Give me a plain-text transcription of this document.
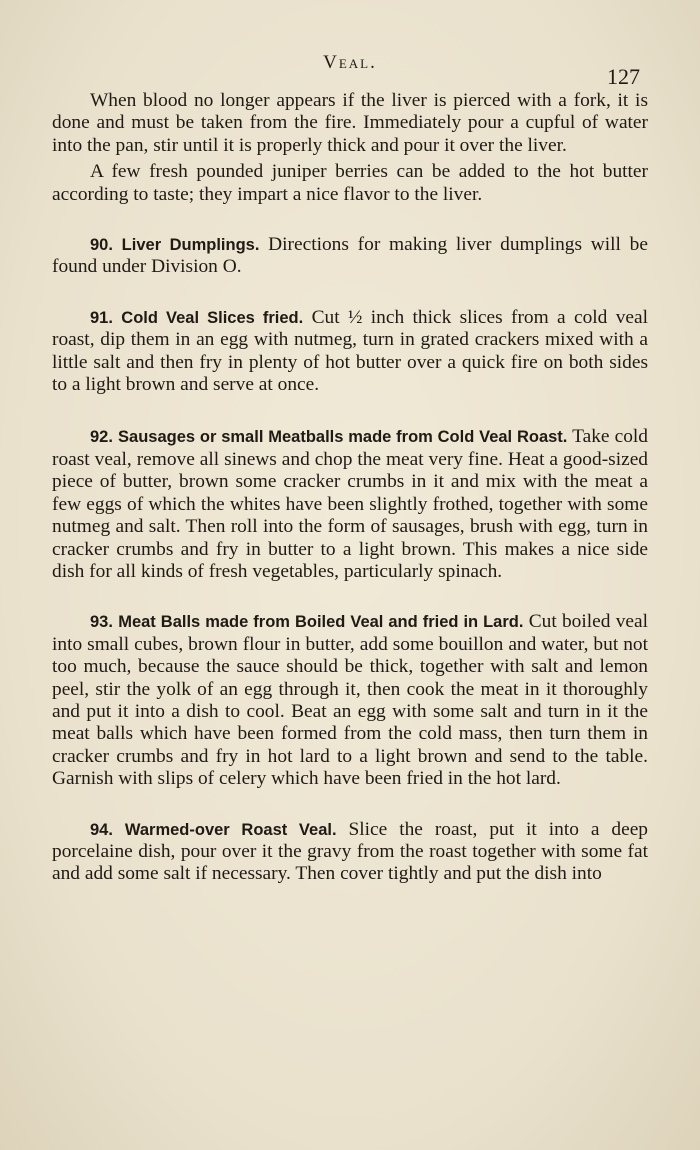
Veal.
127

When blood no longer appears if the liver is pierced with a fork, it is done and must be taken from the fire. Immediately pour a cupful of water into the pan, stir until it is properly thick and pour it over the liver.

A few fresh pounded juniper berries can be added to the hot butter according to taste; they impart a nice flavor to the liver.

90. Liver Dumplings. Directions for making liver dumplings will be found under Division O.

91. Cold Veal Slices fried. Cut ½ inch thick slices from a cold veal roast, dip them in an egg with nutmeg, turn in grated crackers mixed with a little salt and then fry in plenty of hot butter over a quick fire on both sides to a light brown and serve at once.

92. Sausages or small Meatballs made from Cold Veal Roast. Take cold roast veal, remove all sinews and chop the meat very fine. Heat a good-sized piece of butter, brown some cracker crumbs in it and mix with the meat a few eggs of which the whites have been slightly frothed, together with some nutmeg and salt. Then roll into the form of sausages, brush with egg, turn in cracker crumbs and fry in butter to a light brown. This makes a nice side dish for all kinds of fresh vegetables, particularly spinach.

93. Meat Balls made from Boiled Veal and fried in Lard. Cut boiled veal into small cubes, brown flour in butter, add some bouillon and water, but not too much, because the sauce should be thick, together with salt and lemon peel, stir the yolk of an egg through it, then cook the meat in it thoroughly and put it into a dish to cool. Beat an egg with some salt and turn in it the meat balls which have been formed from the cold mass, then turn them in cracker crumbs and fry in hot lard to a light brown and send to the table. Garnish with slips of celery which have been fried in the hot lard.

94. Warmed-over Roast Veal. Slice the roast, put it into a deep porcelaine dish, pour over it the gravy from the roast together with some fat and add some salt if necessary. Then cover tightly and put the dish into
